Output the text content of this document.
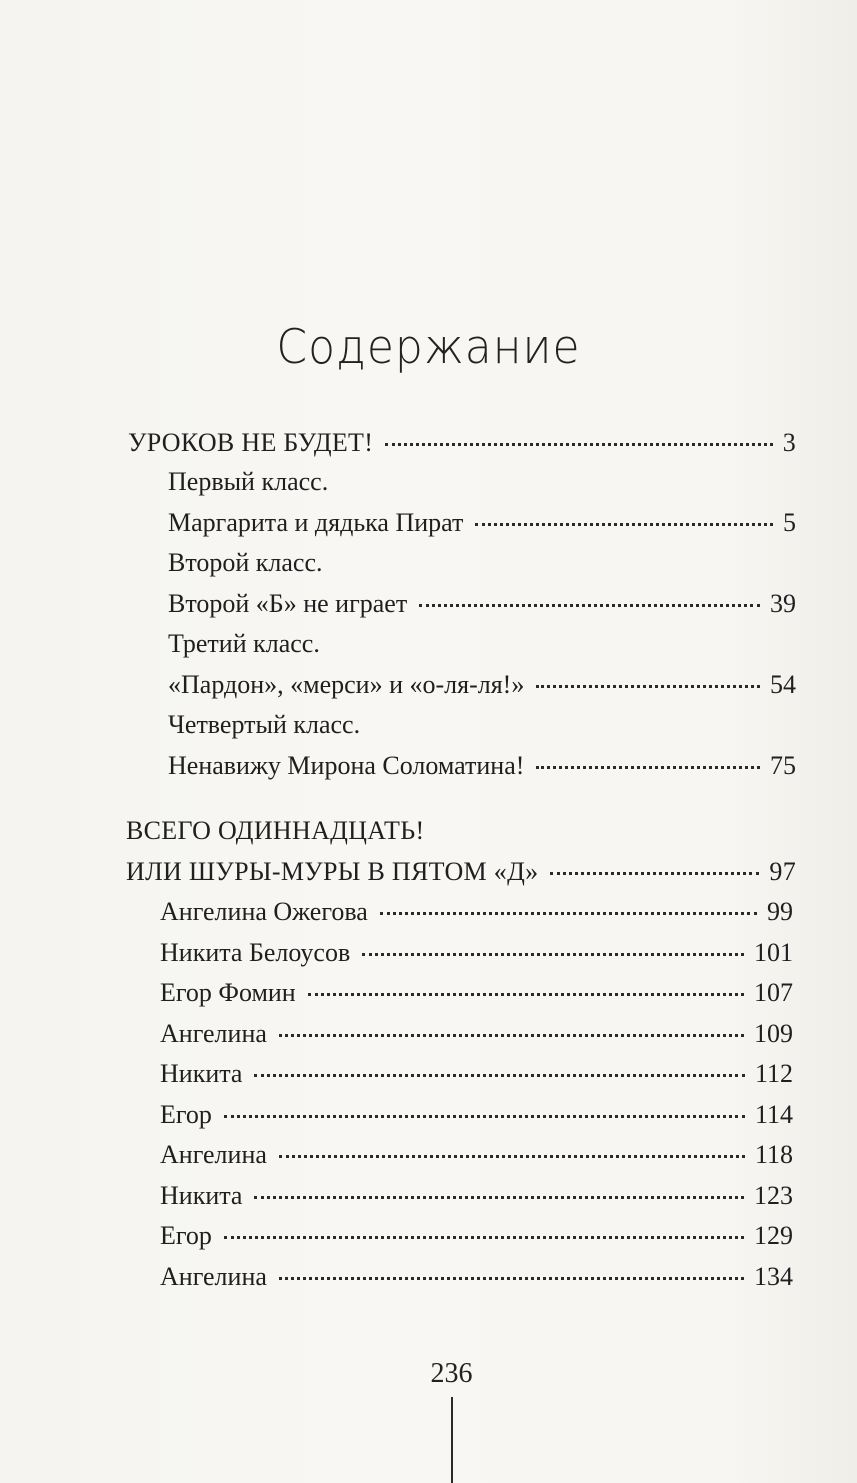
Содержание
УРОКОВ НЕ БУДЕТ!	3
Первый класс.
Маргарита и дядька Пират	5
Второй класс.
Второй «Б» не играет	39
Третий класс.
«Пардон», «мерси» и «о-ля-ля!»	54
Четвертый класс.
Ненавижу Мирона Соломатина!	75
ВСЕГО ОДИННАДЦАТЬ!
ИЛИ ШУРЫ-МУРЫ В ПЯТОМ «Д»	97
Ангелина Ожегова	99
Никита Белоусов	101
Егор Фомин	107
Ангелина	109
Никита	112
Егор	114
Ангелина	118
Никита	123
Егор	129
Ангелина	134
236
